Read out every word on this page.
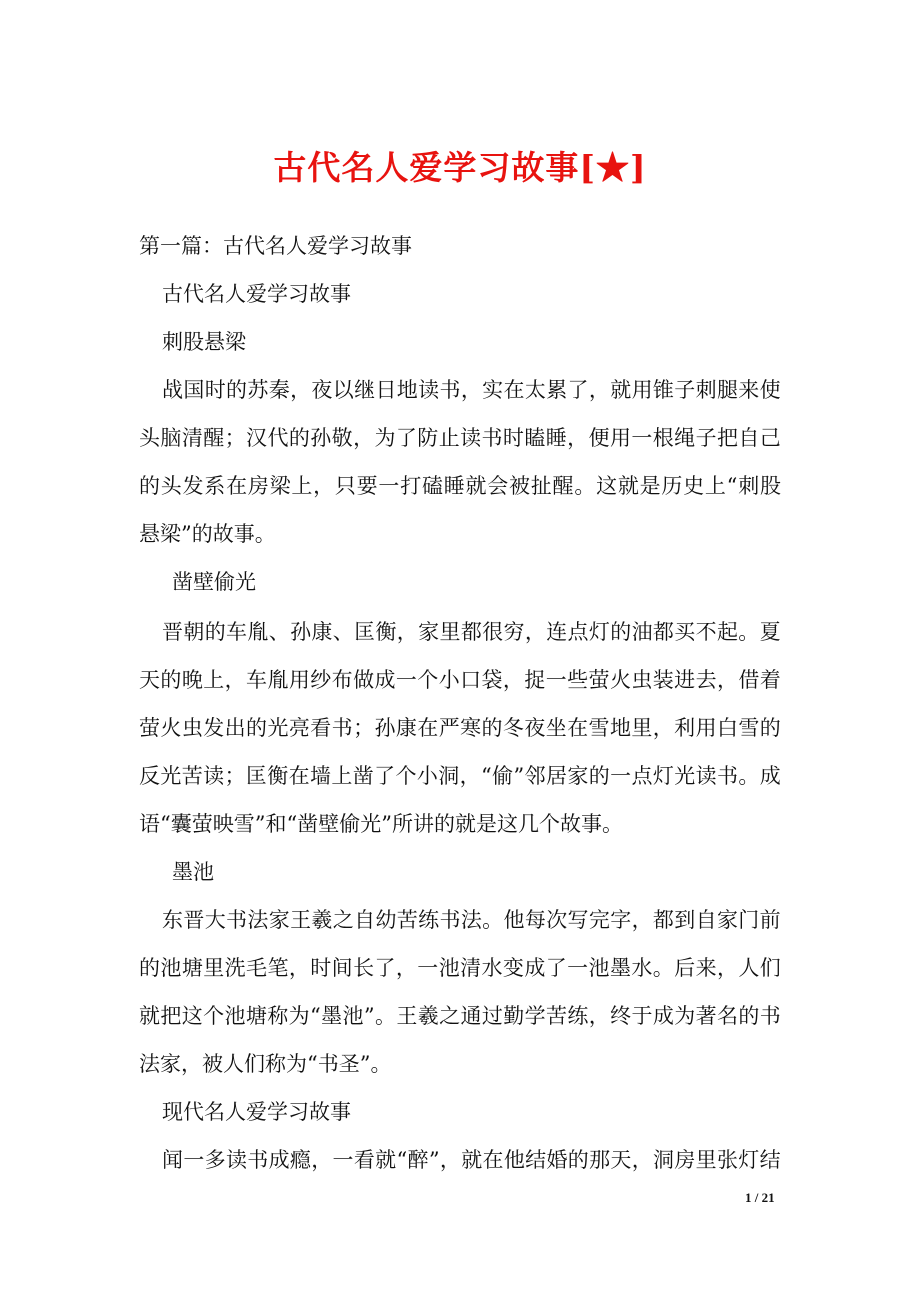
古代名人爱学习故事[★]

第一篇：古代名人爱学习故事

古代名人爱学习故事

刺股悬梁

战 国 时 的 苏 秦 ， 夜 以 继 日 地 读 书 ， 实 在 太 累 了 ， 就 用 锥 子 刺 腿 来 使

头 脑 清 醒 ； 汉 代 的 孙 敬 ， 为 了 防 止 读 书 时 瞌 睡 ， 便 用 一 根 绳 子 把 自 己

的 头 发 系 在 房 梁 上 ， 只 要 一 打 磕 睡 就 会 被 扯 醒 。 这 就 是 历 史 上 “ 刺 股

悬梁”的故事。

凿壁偷光

晋 朝 的 车 胤 、 孙 康 、 匡 衡 ， 家 里 都 很 穷 ， 连 点 灯 的 油 都 买 不 起 。 夏

天 的 晚 上 ， 车 胤 用 纱 布 做 成 一 个 小 口 袋 ， 捉 一 些 萤 火 虫 装 进 去 ， 借 着

萤 火 虫 发 出 的 光 亮 看 书 ； 孙 康 在 严 寒 的 冬 夜 坐 在 雪 地 里 ， 利 用 白 雪 的

反 光 苦 读 ； 匡 衡 在 墙 上 凿 了 个 小 洞 ， “ 偷 ” 邻 居 家 的 一 点 灯 光 读 书 。 成

语“囊萤映雪”和“凿壁偷光”所讲的就是这几个故事。

墨池

东 晋 大 书 法 家 王 羲 之 自 幼 苦 练 书 法 。 他 每 次 写 完 字 ， 都 到 自 家 门 前

的 池 塘 里 洗 毛 笔 ， 时 间 长 了 ， 一 池 清 水 变 成 了 一 池 墨 水 。 后 来 ， 人 们

就 把 这 个 池 塘 称 为 “ 墨 池 ” 。 王 羲 之 通 过 勤 学 苦 练 ， 终 于 成 为 著 名 的 书

法家，被人们称为“书圣”。

现代名人爱学习故事

闻 一 多 读 书 成 瘾 ， 一 看 就 “ 醉 ” ， 就 在 他 结 婚 的 那 天 ， 洞 房 里 张 灯 结

1 / 21
